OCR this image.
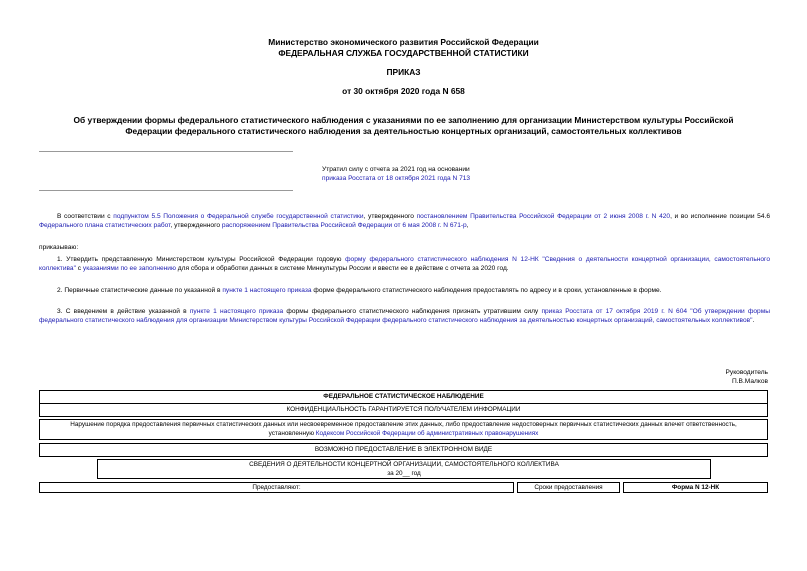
Министерство экономического развития Российской Федерации
ФЕДЕРАЛЬНАЯ СЛУЖБА ГОСУДАРСТВЕННОЙ СТАТИСТИКИ
ПРИКАЗ
от 30 октября 2020 года N 658
Об утверждении формы федерального статистического наблюдения с указаниями по ее заполнению для организации Министерством культуры Российской Федерации федерального статистического наблюдения за деятельностью концертных организаций, самостоятельных коллективов
Утратил силу с отчета за 2021 год на основании
приказа Росстата от 18 октября 2021 года N 713
В соответствии с подпунктом 5.5 Положения о Федеральной службе государственной статистики, утвержденного постановлением Правительства Российской Федерации от 2 июня 2008 г. N 420, и во исполнение позиции 54.6 Федерального плана статистических работ, утвержденного распоряжением Правительства Российской Федерации от 6 мая 2008 г. N 671-р,
приказываю:
1. Утвердить представленную Министерством культуры Российской Федерации годовую форму федерального статистического наблюдения N 12-НК "Сведения о деятельности концертной организации, самостоятельного коллектива" с указаниями по ее заполнению для сбора и обработки данных в системе Минкультуры России и ввести ее в действие с отчета за 2020 год.
2. Первичные статистические данные по указанной в пункте 1 настоящего приказа форме федерального статистического наблюдения предоставлять по адресу и в сроки, установленные в форме.
3. С введением в действие указанной в пункте 1 настоящего приказа формы федерального статистического наблюдения признать утратившим силу приказ Росстата от 17 октября 2019 г. N 604 "Об утверждении формы федерального статистического наблюдения для организации Министерством культуры Российской Федерации федерального статистического наблюдения за деятельностью концертных организаций, самостоятельных коллективов".
Руководитель
П.В.Малков
ФЕДЕРАЛЬНОЕ СТАТИСТИЧЕСКОЕ НАБЛЮДЕНИЕ
КОНФИДЕНЦИАЛЬНОСТЬ ГАРАНТИРУЕТСЯ ПОЛУЧАТЕЛЕМ ИНФОРМАЦИИ
Нарушение порядка предоставления первичных статистических данных или несвоевременное предоставление этих данных, либо предоставление недостоверных первичных статистических данных влечет ответственность,
установленную Кодексом Российской Федерации об административных правонарушениях
ВОЗМОЖНО ПРЕДОСТАВЛЕНИЕ В ЭЛЕКТРОННОМ ВИДЕ
СВЕДЕНИЯ О ДЕЯТЕЛЬНОСТИ КОНЦЕРТНОЙ ОРГАНИЗАЦИИ, САМОСТОЯТЕЛЬНОГО КОЛЛЕКТИВА
за 20__ год
Предоставляют:	Сроки предоставления	Форма N 12-НК
